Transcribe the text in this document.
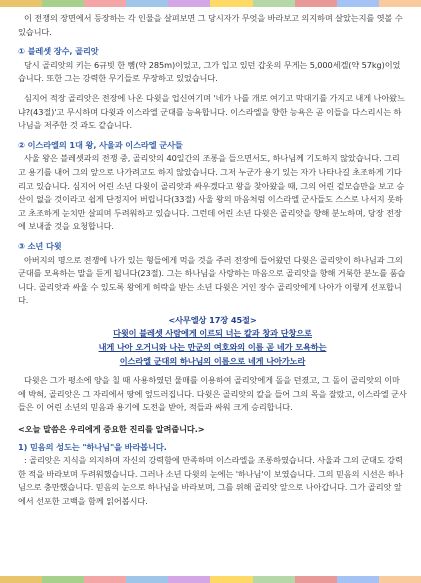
이 전쟁의 장면에서 등장하는 각 인물을 살펴보면 그 당시자가 무엇을 바라보고 의지하며 살았는지를 엿볼 수 있습니다.

① 블레셋 장수, 골리앗

당시 골리앗의 키는 6규빗 한 뼘(약 285m)이었고, 그가 입고 있던 갑옷의 무게는 5,000세겔(약 57kg)이었습니다. 또한 그는 강력한 무기들로 무장하고 있었습니다.

심지어 적장 골리앗은 전장에 나온 다윗을 업신여기며 '네가 나를 개로 여기고 막대기를 가지고 내게 나아왔느냐?(43절)'고 무시하며 다윗과 이스라엘 군대를 능욕합니다. 이스라엘을 향한 능욕은 곧 이들을 다스리시는 하나님을 저주한 것 과도 같습니다.

② 이스라엘의 1대 왕, 사울과 이스라엘 군사들

사울 왕은 블레셋과의 전쟁 중, 골리앗의 40일간의 조롱을 들으면서도, 하나님께 기도하지 않았습니다. 그리고 용기를 내어 그의 앞으로 나가려고도 하지 않았습니다. 그저 누군가 용기 있는 자가 나타나길 초조하게 기다리고 있습니다. 심지어 어린 소년 다윗이 골리앗과 싸우겠다고 왕을 찾아왔을 때, 그의 어린 겉모습만을 보고 승산이 없을 것이라고 쉽게 단정지어 버립니다(33절) 사울 왕의 마음처럼 이스라엘 군사들도 스스로 나서지 못하고 초조하게 눈치만 살피며 두려워하고 있습니다. 그런데 어린 소년 다윗은 골리앗을 향해 분노하며, 당장 전장에 보내줄 것을 요청합니다.

③ 소년 다윗

아버지의 명으로 전쟁에 나가 있는 형들에게 먹을 것을 주러 전장에 들어왔던 다윗은 골리앗이 하나님과 그의 군대를 모욕하는 말을 듣게 됩니다(23절). 그는 하나님을 사랑하는 마음으로 골리앗을 향해 거룩한 분노를 품습니다. 골리앗과 싸울 수 있도록 왕에게 허락을 받는 소년 다윗은 거인 장수 골리앗에게 나아가 이렇게 선포합니다.

<사무엘상 17장 45절>
다윗이 블레셋 사람에게 이르되 너는 칼과 창과 단창으로
내게 나아 오거니와 나는 만군의 여호와의 이름 곧 네가 모욕하는
이스라엘 군대의 하나님의 이름으로 네게 나아가노라

다윗은 그가 평소에 양을 칠 때 사용하였던 물매를 이용하여 골리앗에게 돌을 던졌고, 그 돌이 골리앗의 이마에 박혀, 골리앗은 그 자리에서 땅에 엎드러집니다. 다윗은 골리앗의 칼을 들어 그의 목을 잘랐고, 이스라엘 군사들은 이 어린 소년의 믿음과 용기에 도전을 받아, 적들과 싸워 크게 승리합니다.

<오늘 말씀은 우리에게 중요한 진리를 알려줍니다.>

1) 믿음의 성도는 "하나님"을 바라봅니다.

: 골리앗은 지식을 의지하며 자신의 강력함에 만족하며 이스라엘을 조롱하였습니다. 사울과 그의 군대도 강력한 적을 바라보며 두려워했습니다. 그러나 소년 다윗의 눈에는 '하나님'이 보였습니다. 그의 믿음의 시선은 하나님으로 충만했습니다. 믿음의 눈으로 하나님을 바라보며, 그를 위해 골리앗 앞으로 나아갑니다. 그가 골리앗 앞에서 선포한 고백을 함께 읽어봅시다.
